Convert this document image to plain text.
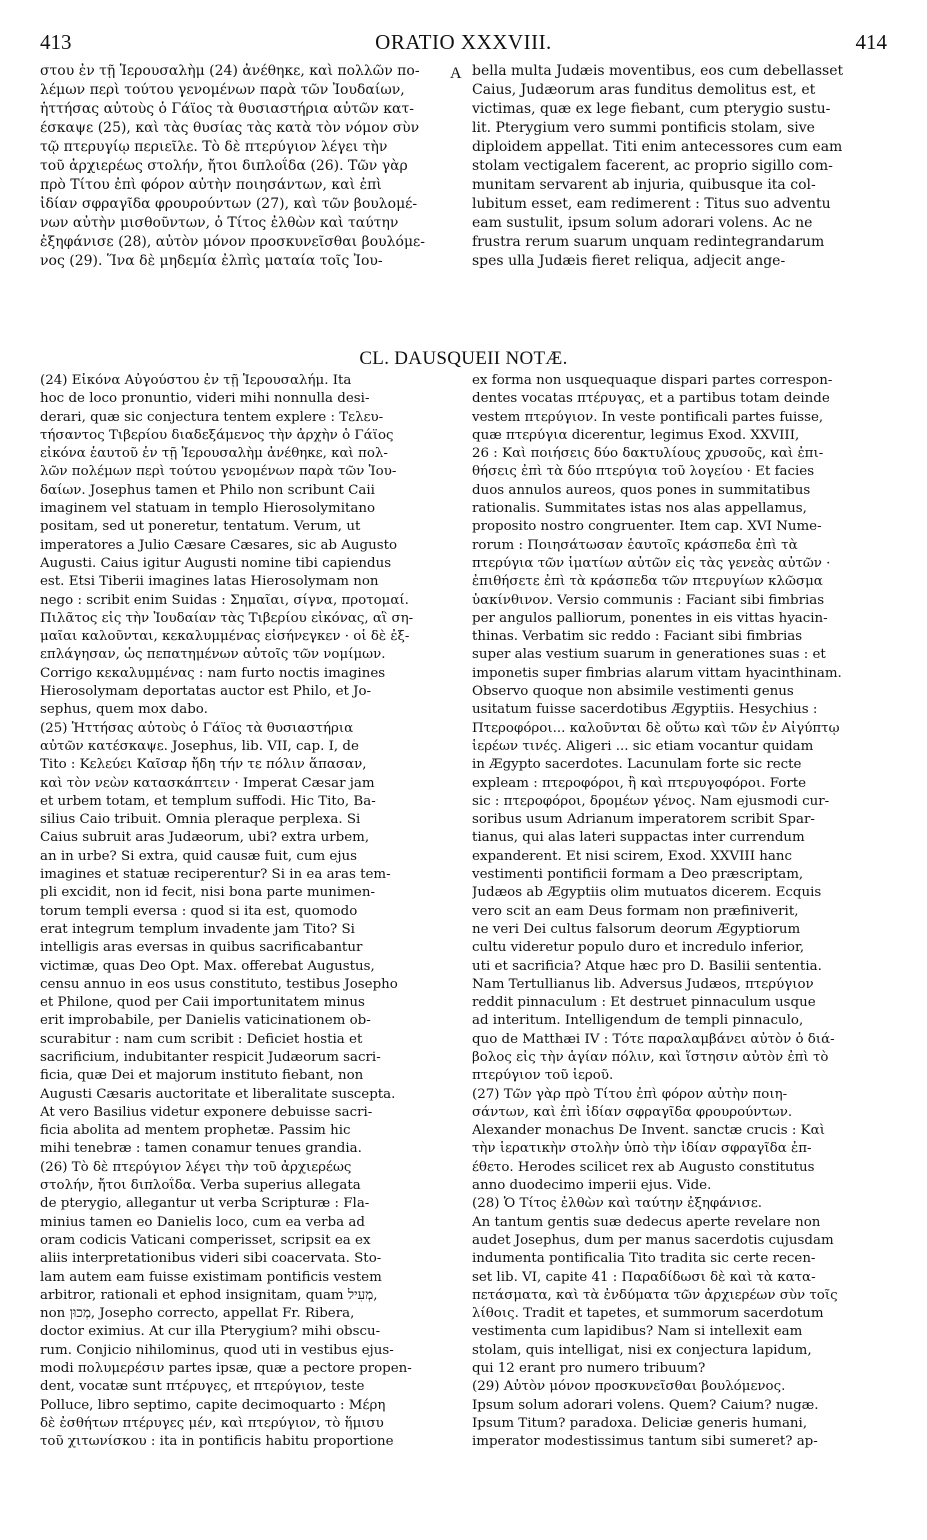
413	ORATIO XXXVIII.	414
στου ἐν τῇ Ἱερουσαλὴμ (24) ἀνέθηκε, καὶ πολλῶν πο-
λέμων περὶ τούτου γενομένων παρὰ τῶν Ἰουδαίων,
ἡττήσας αὐτοὺς ὁ Γάϊος τὰ θυσιαστήρια αὐτῶν κατ-
έσκαψε (25), καὶ τὰς θυσίας τὰς κατὰ τὸν νόμον σὺν
τῷ πτερυγίῳ περιεῖλε. Τὸ δὲ πτερύγιον λέγει τὴν
τοῦ ἀρχιερέως στολήν, ἤτοι διπλοΐδα (26). Τῶν γὰρ
πρὸ Τίτου ἐπὶ φόρον αὐτὴν ποιησάντων, καὶ ἐπὶ
ἰδίαν σφραγῖδα φρουρούντων (27), καὶ τῶν βουλομέ-
νων αὐτὴν μισθοῦντων, ὁ Τίτος ἐλθὼν καὶ ταύτην
ἐξηφάνισε (28), αὐτὸν μόνον προσκυνεῖσθαι βουλόμε-
νος (29). Ἵνα δὲ μηδεμία ἐλπὶς ματαία τοῖς Ἰου-
A bella multa Judæis moventibus, eos cum debellasset
Caius, Judæorum aras funditus demolitus est, et
victimas, quæ ex lege fiebant, cum pterygio sustu-
lit. Pterygium vero summi pontificis stolam, sive
diploidem appellat. Titi enim antecessores cum eam
stolam vectigalem facerent, ac proprio sigillo com-
munitam servarent ab injuria, quibusque ita col-
lubitum esset, eam redimerent : Titus suo adventu
eam sustulit, ipsum solum adorari volens. Ac ne
frustra rerum suarum unquam redintegrandarum
spes ulla Judæis fieret reliqua, adjecit ange-
CL. DAUSQUEII NOTÆ.
(24) Εἰκόνα Αὐγούστου ἐν τῇ Ἱερουσαλήμ. Ita
hoc de loco pronuntio, videri mihi nonnulla desi-
derari, quæ sic conjectura tentem explere : Τελευ-
τήσαντος Τιβερίου διαδεξάμενος τὴν ἀρχὴν ὁ Γάϊος
εἰκόνα ἑαυτοῦ ἐν τῇ Ἱερουσαλὴμ ἀνέθηκε, καὶ πολ-
λῶν πολέμων περὶ τούτου γενομένων παρὰ τῶν Ἰου-
δαίων. Josephus tamen et Philo non scribunt Caii
imaginem vel statuam in templo Hierosolymitano
positam, sed ut poneretur, tentatum. Verum, ut
imperatores a Julio Cæsare Cæsares, sic ab Augusto
Augusti. Caius igitur Augusti nomine tibi capiendus
est. Etsi Tiberii imagines latas Hierosolymam non
nego : scribit enim Suidas : Σημαῖαι, σίγνα, προτομαί.
Πιλᾶτος εἰς τὴν Ἰουδαίαν τὰς Τιβερίου εἰκόνας, αἳ ση-
μαῖαι καλοῦνται, κεκαλυμμένας εἰσήνεγκεν · οἱ δὲ ἐξ-
επλάγησαν, ὡς πεπατημένων αὐτοῖς τῶν νομίμων.
Corrigo κεκαλυμμένας : nam furto noctis imagines
Hierosolymam deportatas auctor est Philo, et Jo-
sephus, quem mox dabo.
(25) Ἡττήσας αὐτοὺς ὁ Γάϊος τὰ θυσιαστήρια
αὐτῶν κατέσκαψε. Josephus, lib. VII, cap. I, de
Tito : Κελεύει Καῖσαρ ἤδη τήν τε πόλιν ἅπασαν,
καὶ τὸν νεὼν κατασκάπτειν · Imperat Cæsar jam
et urbem totam, et templum suffodi. Hic Tito, Ba-
silius Caio tribuit. Omnia pleraque perplexa. Si
Caius subruit aras Judæorum, ubi? extra urbem,
an in urbe? Si extra, quid causæ fuit, cum ejus
imagines et statuæ reciperentur? Si in ea aras tem-
pli excidit, non id fecit, nisi bona parte munimen-
torum templi eversa : quod si ita est, quomodo
erat integrum templum invadente jam Tito? Si
intelligis aras eversas in quibus sacrificabantur
victimæ, quas Deo Opt. Max. offerebat Augustus,
censu annuo in eos usus constituto, testibus Josepho
et Philone, quod per Caii importunitatem minus
erit improbabile, per Danielis vaticinationem ob-
scurabitur : nam cum scribit : Deficiet hostia et
sacrificium, indubitanter respicit Judæorum sacri-
ficia, quæ Dei et majorum instituto fiebant, non
Augusti Cæsaris auctoritate et liberalitate suscepta.
At vero Basilius videtur exponere debuisse sacri-
ficia abolita ad mentem prophetæ. Passim hic
mihi tenebræ : tamen conamur tenues grandia.
(26) Τὸ δὲ πτερύγιον λέγει τὴν τοῦ ἀρχιερέως
στολήν, ἤτοι διπλοΐδα. Verba superius allegata
de pterygio, allegantur ut verba Scripturæ : Fla-
minius tamen eo Danielis loco, cum ea verba ad
oram codicis Vaticani comperisset, scripsit ea ex
aliis interpretationibus videri sibi coacervata. Sto-
lam autem eam fuisse existimam pontificis vestem
arbitror, rationali et ephod insignitam, quam מְעִיל,
non מְכוּן, Josepho correcto, appellat Fr. Ribera,
doctor eximius. At cur illa Pterygium? mihi obscu-
rum. Conjicio nihilominus, quod uti in vestibus ejus-
modi πολυμερέσιν partes ipsæ, quæ a pectore propen-
dent, vocatæ sunt πτέρυγες, et πτερύγιον, teste
Polluce, libro septimo, capite decimoquarto : Μέρη
δὲ ἐσθήτων πτέρυγες μέν, καὶ πτερύγιον, τὸ ἥμισυ
τοῦ χιτωνίσκου : ita in pontificis habitu proportione
ex forma non usquequaque dispari partes correspon-
dentes vocatas πτέρυγας, et a partibus totam deinde
vestem πτερύγιον. In veste pontificali partes fuisse,
quæ πτερύγια dicerentur, legimus Exod. XXVIII,
26 : Καὶ ποιήσεις δύο δακτυλίους χρυσοῦς, καὶ ἐπι-
θήσεις ἐπὶ τὰ δύο πτερύγια τοῦ λογείου · Et facies
duos annulos aureos, quos pones in summitatibus
rationalis. Summitates istas nos alas appellamus,
proposito nostro congruenter. Item cap. XVI Nume-
rorum : Ποιησάτωσαν ἑαυτοῖς κράσπεδα ἐπὶ τὰ
πτερύγια τῶν ἱματίων αὐτῶν εἰς τὰς γενεὰς αὐτῶν ·
ἐπιθήσετε ἐπὶ τὰ κράσπεδα τῶν πτερυγίων κλῶσμα
ὑακίνθινον. Versio communis : Faciant sibi fimbrias
per angulos palliorum, ponentes in eis vittas hyacin-
thinas. Verbatim sic reddo : Faciant sibi fimbrias
super alas vestium suarum in generationes suas : et
imponetis super fimbrias alarum vittam hyacinthinam.
Observo quoque non absimile vestimenti genus
usitatum fuisse sacerdotibus Ægyptiis. Hesychius :
Πτεροφόροι... καλοῦνται δὲ οὕτω καὶ τῶν ἐν Αἰγύπτῳ
ἱερέων τινές. Aligeri ... sic etiam vocantur quidam
in Ægypto sacerdotes. Lacunulam forte sic recte
expleam : πτεροφόροι, ἢ καὶ πτερυγοφόροι. Forte
sic : πτεροφόροι, δρομέων γένος. Nam ejusmodi cur-
soribus usum Adrianum imperatorem scribit Spar-
tianus, qui alas lateri suppactas inter currendum
expanderent. Et nisi scirem, Exod. XXVIII hanc
vestimenti pontificii formam a Deo præscriptam,
Judæos ab Ægyptiis olim mutuatos dicerem. Ecquis
vero scit an eam Deus formam non præfiniverit,
ne veri Dei cultus falsorum deorum Ægyptiorum
cultu videretur populo duro et incredulo inferior,
uti et sacrificia? Atque hæc pro D. Basilii sententia.
Nam Tertullianus lib. Adversus Judæos, πτερύγιον
reddit pinnaculum : Et destruet pinnaculum usque
ad interitum. Intelligendum de templi pinnaculo,
quo de Matthæi IV : Τότε παραλαμβάνει αὐτὸν ὁ διά-
βολος εἰς τὴν ἁγίαν πόλιν, καὶ ἵστησιν αὐτὸν ἐπὶ τὸ
πτερύγιον τοῦ ἱεροῦ.
(27) Τῶν γὰρ πρὸ Τίτου ἐπὶ φόρον αὐτὴν ποιη-
σάντων, καὶ ἐπὶ ἰδίαν σφραγῖδα φρουρούντων.
Alexander monachus De Invent. sanctæ crucis : Καὶ
τὴν ἱερατικὴν στολὴν ὑπὸ τὴν ἰδίαν σφραγῖδα ἐπ-
έθετο. Herodes scilicet rex ab Augusto constitutus
anno duodecimo imperii ejus. Vide.
(28) Ὁ Τίτος ἐλθὼν καὶ ταύτην ἐξηφάνισε.
An tantum gentis suæ dedecus aperte revelare non
audet Josephus, dum per manus sacerdotis cujusdam
indumenta pontificalia Tito tradita sic certe recen-
set lib. VI, capite 41 : Παραδίδωσι δὲ καὶ τὰ κατα-
πετάσματα, καὶ τὰ ἐνδύματα τῶν ἀρχιερέων σὺν τοῖς
λίθοις. Tradit et tapetes, et summorum sacerdotum
vestimenta cum lapidibus? Nam si intellexit eam
stolam, quis intelligat, nisi ex conjectura lapidum,
qui 12 erant pro numero tribuum?
(29) Αὐτὸν μόνον προσκυνεῖσθαι βουλόμενος.
Ipsum solum adorari volens. Quem? Caium? nugæ.
Ipsum Titum? paradoxa. Deliciæ generis humani,
imperator modestissimus tantum sibi sumeret? ap-
